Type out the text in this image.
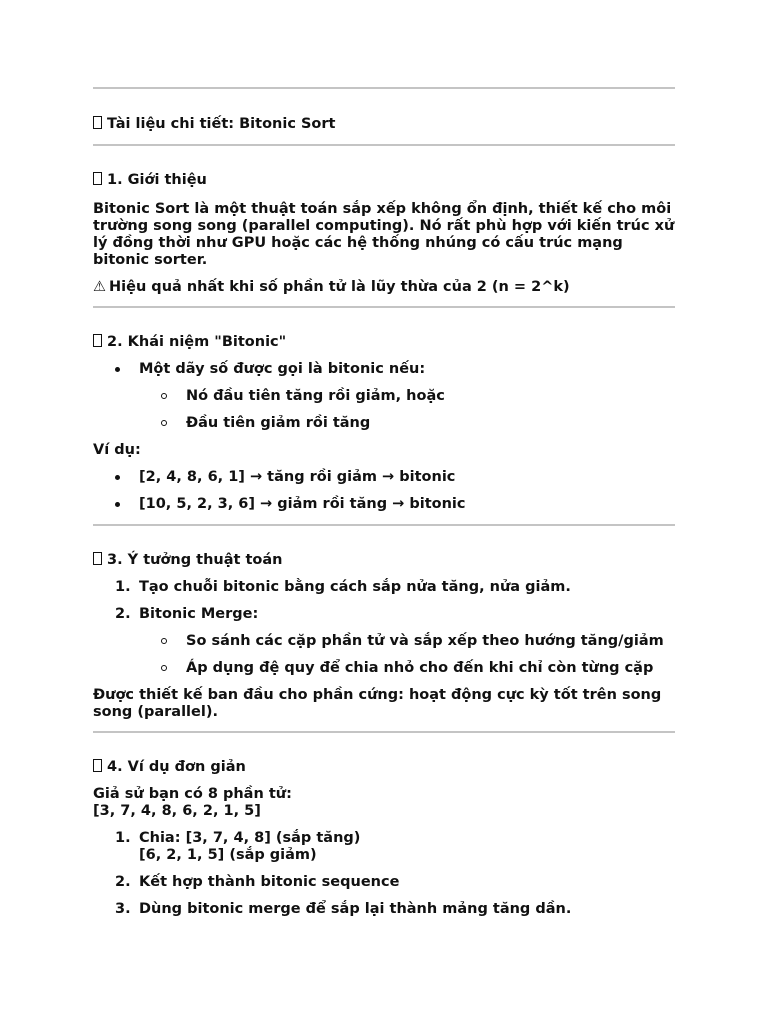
Tài liệu chi tiết: Bitonic Sort
1. Giới thiệu

Bitonic Sort là một thuật toán sắp xếp không ổn định, thiết kế cho môi trường song song (parallel computing). Nó rất phù hợp với kiến trúc xử lý đồng thời như GPU hoặc các hệ thống nhúng có cấu trúc mạng bitonic sorter.

⚠ Hiệu quả nhất khi số phần tử là lũy thừa của 2 (n = 2^k)

2. Khái niệm "Bitonic"
Một dãy số được gọi là bitonic nếu:
Nó đầu tiên tăng rồi giảm, hoặc
Đầu tiên giảm rồi tăng

Ví dụ:

[2, 4, 8, 6, 1] → tăng rồi giảm → bitonic
[10, 5, 2, 3, 6] → giảm rồi tăng → bitonic
3. Ý tưởng thuật toán
1. Tạo chuỗi bitonic bằng cách sắp nửa tăng, nửa giảm.
2. Bitonic Merge:
So sánh các cặp phần tử và sắp xếp theo hướng tăng/giảm
Áp dụng đệ quy để chia nhỏ cho đến khi chỉ còn từng cặp

Được thiết kế ban đầu cho phần cứng: hoạt động cực kỳ tốt trên song song (parallel).

4. Ví dụ đơn giản

Giả sử bạn có 8 phần tử:
[3, 7, 4, 8, 6, 2, 1, 5]

1. Chia: [3, 7, 4, 8] (sắp tăng)
[6, 2, 1, 5] (sắp giảm)
2. Kết hợp thành bitonic sequence
3. Dùng bitonic merge để sắp lại thành mảng tăng dần.
